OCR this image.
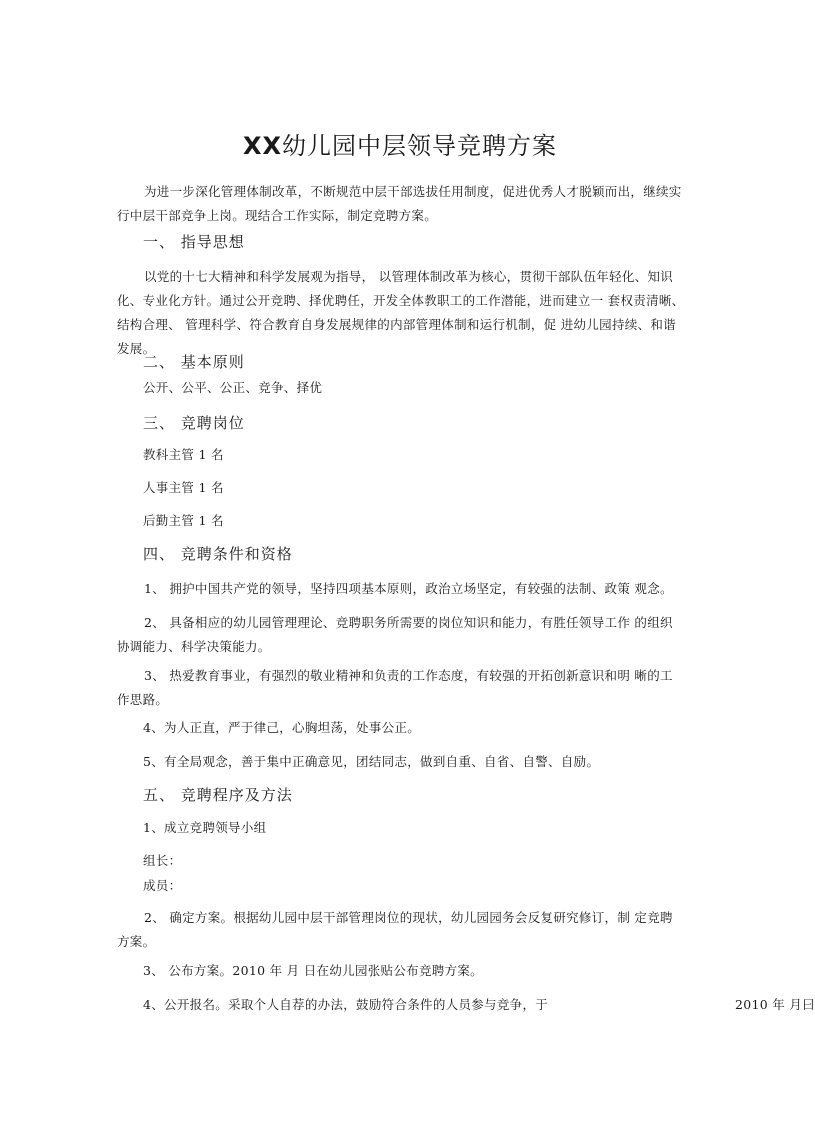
XX幼儿园中层领导竞聘方案
为进一步深化管理体制改革，不断规范中层干部选拔任用制度，促进优秀人才脱颖而出，继续实行中层干部竞争上岗。现结合工作实际，制定竞聘方案。
一、 指导思想
以党的十七大精神和科学发展观为指导， 以管理体制改革为核心，贯彻干部队伍年轻化、知识化、专业化方针。通过公开竞聘、择优聘任，开发全体教职工的工作潜能，进而建立一 套权责清晰、结构合理、 管理科学、符合教育自身发展规律的内部管理体制和运行机制，促 进幼儿园持续、和谐发展。
二、 基本原则
公开、公平、公正、竞争、择优
三、 竞聘岗位
教科主管 1 名
人事主管 1 名
后勤主管 1 名
四、 竞聘条件和资格
1、 拥护中国共产党的领导，坚持四项基本原则，政治立场坚定，有较强的法制、政策 观念。
2、 具备相应的幼儿园管理理论、竞聘职务所需要的岗位知识和能力，有胜任领导工作 的组织协调能力、科学决策能力。
3、 热爱教育事业，有强烈的敬业精神和负责的工作态度，有较强的开拓创新意识和明 晰的工作思路。
4、为人正直，严于律己，心胸坦荡，处事公正。
5、有全局观念，善于集中正确意见，团结同志，做到自重、自省、自警、自励。
五、 竞聘程序及方法
1、成立竞聘领导小组
组长：
成员：
2、 确定方案。根据幼儿园中层干部管理岗位的现状，幼儿园园务会反复研究修订，制 定竞聘方案。
3、 公布方案。2010 年 月 日在幼儿园张贴公布竞聘方案。
4、公开报名。采取个人自荐的办法，鼓励符合条件的人员参与竞争，于	2010 年 月曰
